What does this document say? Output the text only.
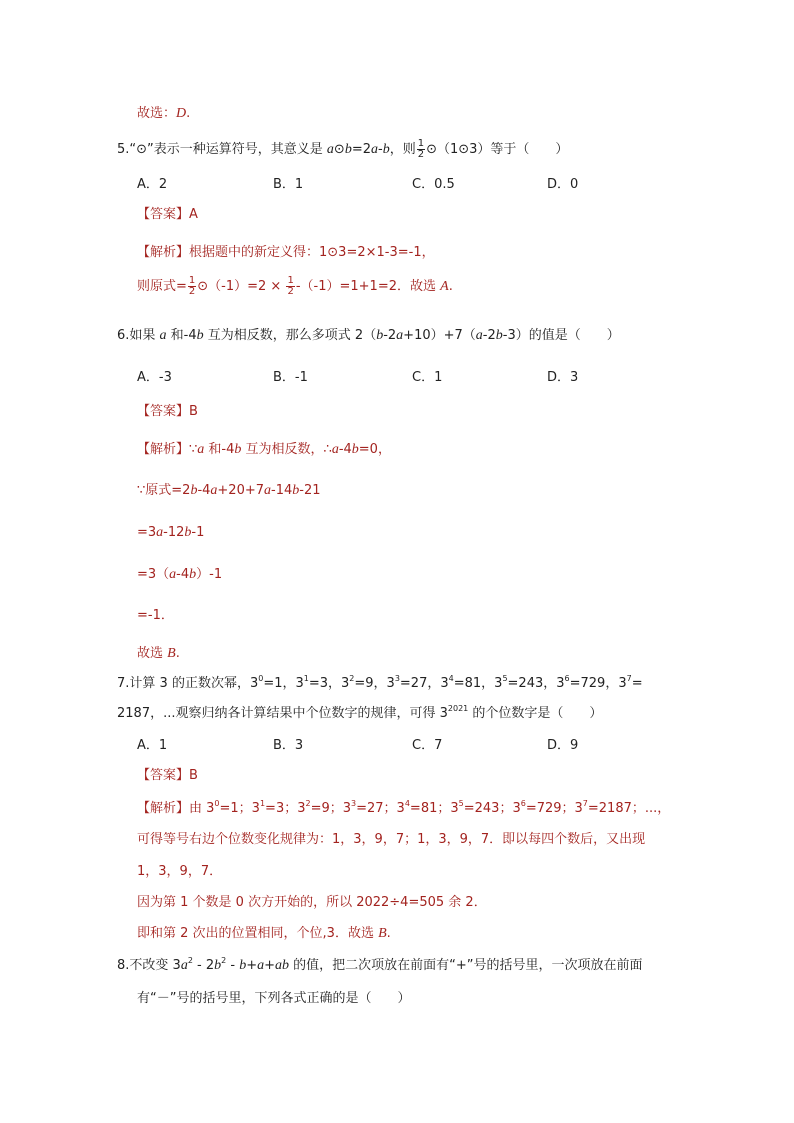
故选：D.
5.“⊙”表示一种运算符号，其意义是 a⊙b=2a-b，则 $\frac{1}{2}$ ⊙（1⊙3）等于（　　）
A．2	B．1	C．0.5	D．0
【答案】A
【解析】根据题中的新定义得：1⊙3=2×1-3=-1，
则原式= $\frac{1}{2}$ ⊙（-1）=2 × $\frac{1}{2} -(-1)=1+1=2$．故选 A.
6.如果 a 和-4b 互为相反数，那么多项式 2（b-2a+10）+7（a-2b-3）的值是（　　）
A．-3	B．-1	C．1	D．3
【答案】B
【解析】∵a 和-4b 互为相反数，∴a-4b=0，
∵原式=2b-4a+20+7a-14b-21
=3a-12b-1
=3（a-4b）-1
=-1．
故选 B.
7.计算 3 的正数次幂，$3^0=1$，$3^1=3$，$3^2=9$，$3^3=27$，$3^4=81$，$3^5=243$，$3^6=729$，$3^7=$
2187，...观察归纳各计算结果中个位数字的规律，可得 $3^{2021}$ 的个位数字是（　　）
A．1	B．3	C．7	D．9
【答案】B
【解析】由 $3^0=1$；$3^1=3$；$3^2=9$；$3^3=27$；$3^4=81$；$3^5=243$；$3^6=729$；$3^7=2187$；...，
可得等号右边个位数变化规律为：1，3，9，7；1，3，9，7．即以每四个数后，又出现
1，3，9，7．
因为第 1 个数是 0 次方开始的，所以 2022÷4=505 余 2．
即和第 2 次出的位置相同，个位,3．故选 B.
8.不改变 $3a^2 - 2b^2 - b+a+ab$ 的值，把二次项放在前面有“+”号的括号里，一次项放在前面
有“－”号的括号里，下列各式正确的是（　　）
